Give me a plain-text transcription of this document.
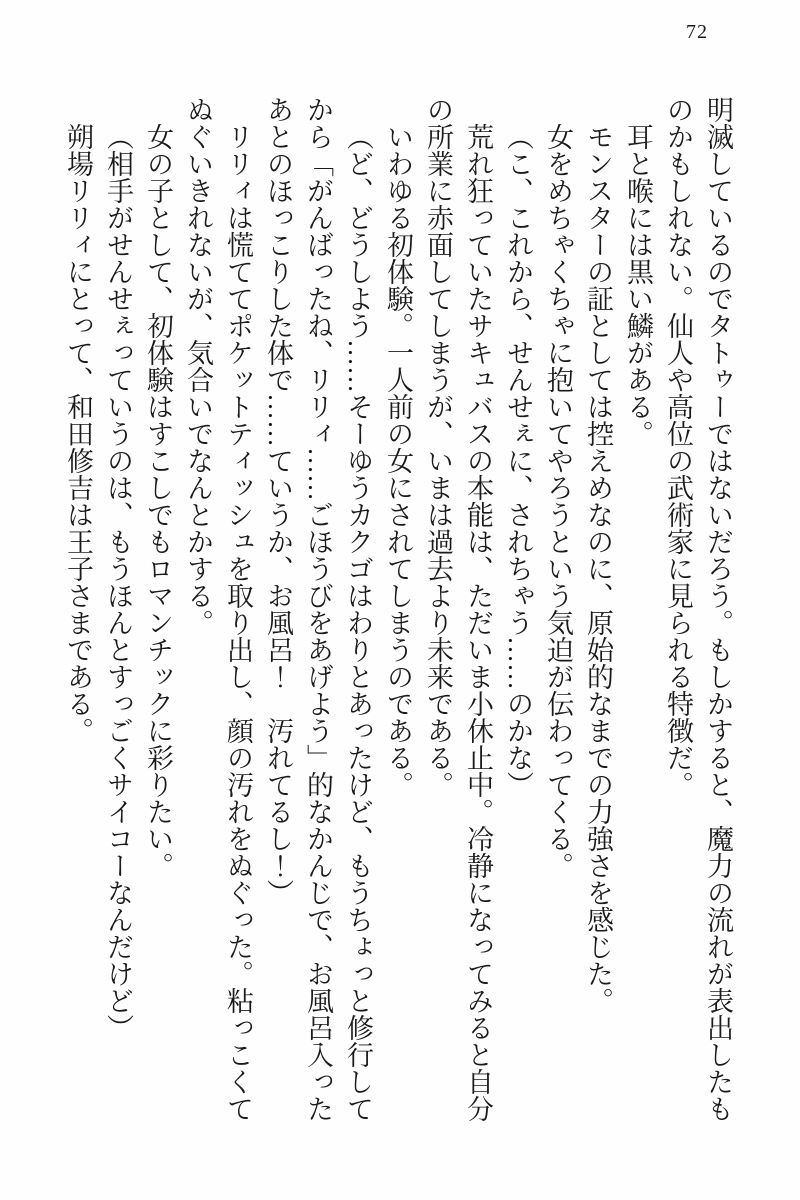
72

明滅しているのでタトゥーではないだろう。もしかすると、魔力の流れが表出したものかもしれない。仙人や高位の武術家に見られる特徴だ。

耳と喉には黒い鱗がある。

モンスターの証としては控えめなのに、原始的なまでの力強さを感じた。

女をめちゃくちゃに抱いてやろうという気迫が伝わってくる。

（こ、これから、せんせぇに、されちゃう……のかな）

荒れ狂っていたサキュバスの本能は、ただいま小休止中。冷静になってみると自分の所業に赤面してしまうが、いまは過去より未来である。

いわゆる初体験。一人前の女にされてしまうのである。

（ど、どうしよう……そーゆうカクゴはわりとあったけど、もうちょっと修行してから「がんばったね、リリィ……ごほうびをあげよう」的なかんじで、お風呂入ったあとのほっこりした体で……ていうか、お風呂！　汚れてるし！）

リリィは慌ててポケットティッシュを取り出し、顔の汚れをぬぐった。粘っこくてぬぐいきれないが、気合いでなんとかする。

女の子として、初体験はすこしでもロマンチックに彩りたい。

（相手がせんせぇっていうのは、もうほんとすっごくサイコーなんだけど）

朔場リリィにとって、和田修吉は王子さまである。
